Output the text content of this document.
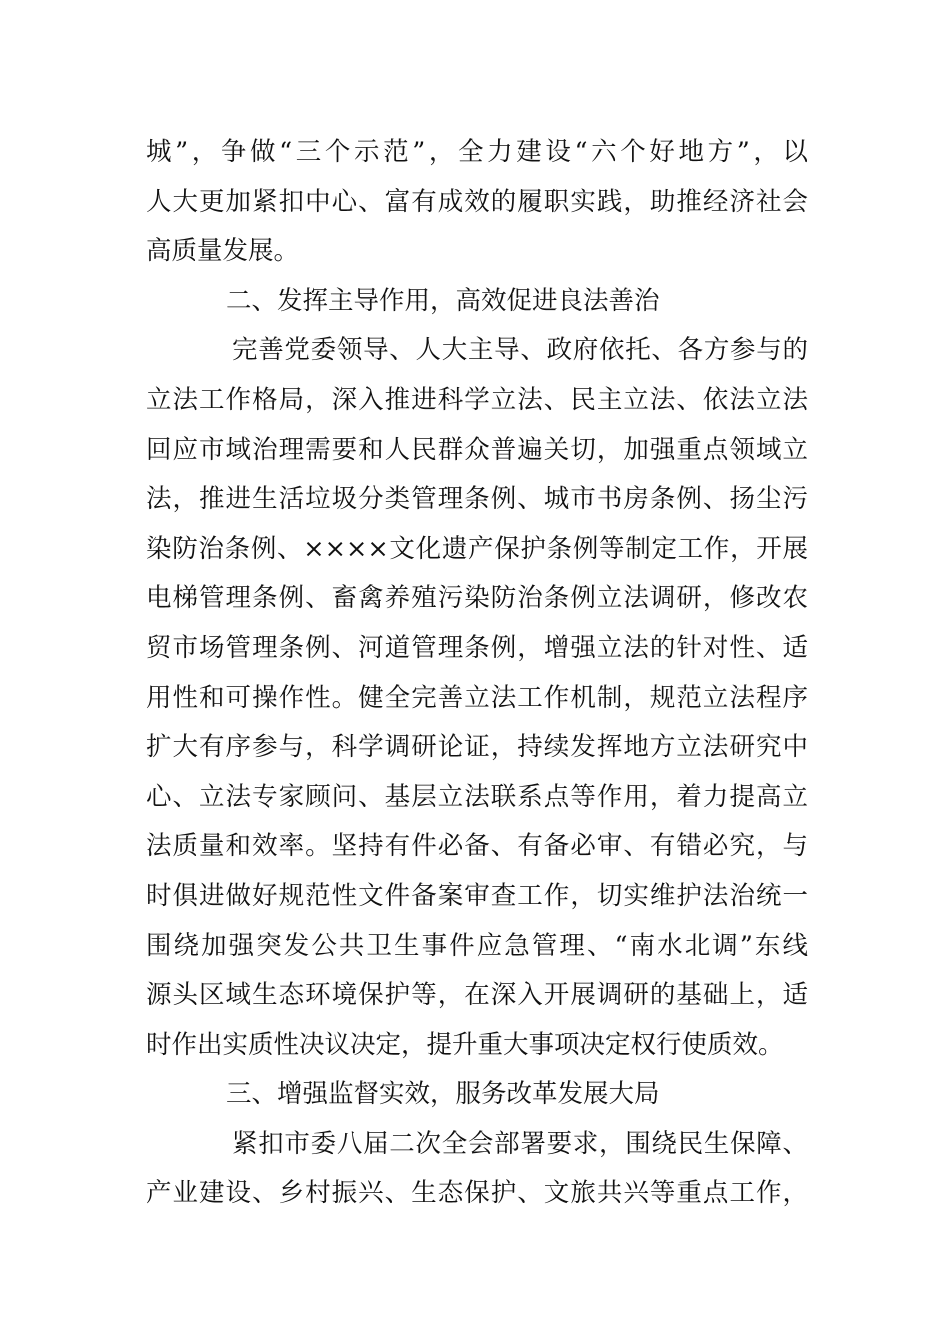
城”，争做“三个示范”，全力建设“六个好地方”，以
人大更加紧扣中心、富有成效的履职实践，助推经济社会
高质量发展。
二、发挥主导作用，高效促进良法善治
完善党委领导、人大主导、政府依托、各方参与的
立法工作格局，深入推进科学立法、民主立法、依法立法
回应市域治理需要和人民群众普遍关切，加强重点领域立
法，推进生活垃圾分类管理条例、城市书房条例、扬尘污
染防治条例、××××文化遗产保护条例等制定工作，开展
电梯管理条例、畜禽养殖污染防治条例立法调研，修改农
贸市场管理条例、河道管理条例，增强立法的针对性、适
用性和可操作性。健全完善立法工作机制，规范立法程序
扩大有序参与，科学调研论证，持续发挥地方立法研究中
心、立法专家顾问、基层立法联系点等作用，着力提高立
法质量和效率。坚持有件必备、有备必审、有错必究，与
时俱进做好规范性文件备案审查工作，切实维护法治统一
围绕加强突发公共卫生事件应急管理、“南水北调”东线
源头区域生态环境保护等，在深入开展调研的基础上，适
时作出实质性决议决定，提升重大事项决定权行使质效。
三、增强监督实效，服务改革发展大局
紧扣市委八届二次全会部署要求，围绕民生保障、
产业建设、乡村振兴、生态保护、文旅共兴等重点工作，
